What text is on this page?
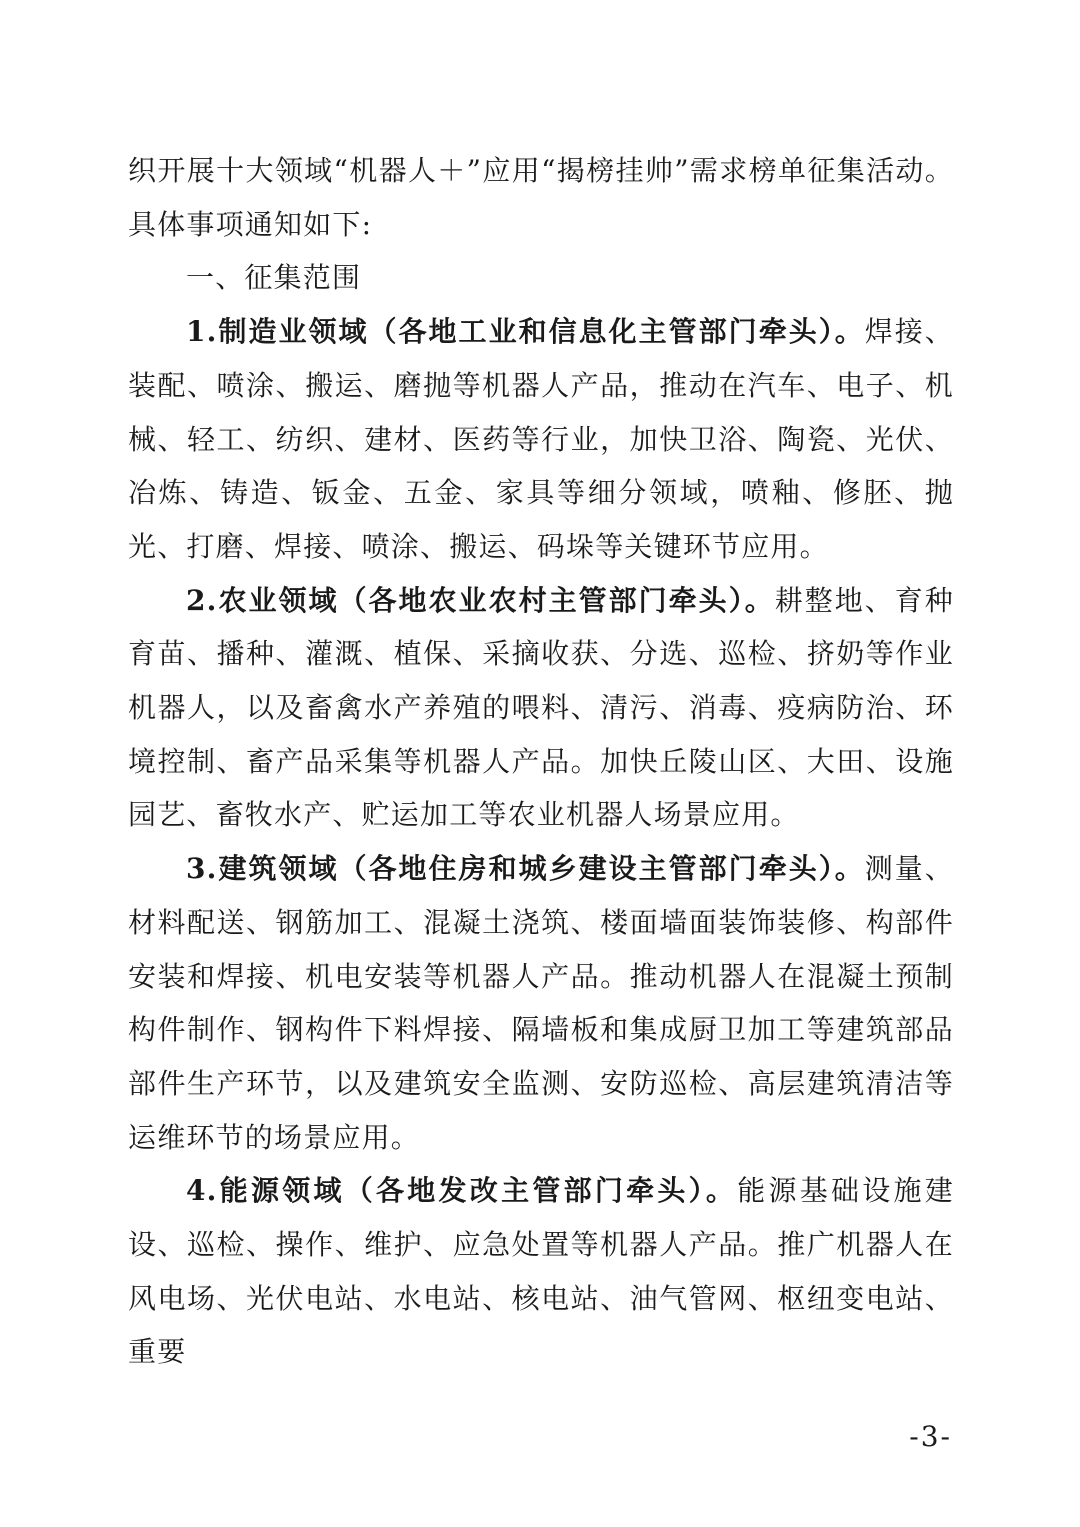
织开展十大领域“机器人＋”应用“揭榜挂帅”需求榜单征集活动。具体事项通知如下:

一、征集范围

1.制造业领域（各地工业和信息化主管部门牵头）。焊接、装配、喷涂、搬运、磨抛等机器人产品，推动在汽车、电子、机械、轻工、纺织、建材、医药等行业，加快卫浴、陶瓷、光伏、冶炼、铸造、钣金、五金、家具等细分领域，喷釉、修胚、抛光、打磨、焊接、喷涂、搬运、码垛等关键环节应用。

2.农业领域（各地农业农村主管部门牵头）。耕整地、育种育苗、播种、灌溉、植保、采摘收获、分选、巡检、挤奶等作业机器人，以及畜禽水产养殖的喂料、清污、消毒、疫病防治、环境控制、畜产品采集等机器人产品。加快丘陵山区、大田、设施园艺、畜牧水产、贮运加工等农业机器人场景应用。

3.建筑领域（各地住房和城乡建设主管部门牵头）。测量、材料配送、钢筋加工、混凝土浇筑、楼面墙面装饰装修、构部件安装和焊接、机电安装等机器人产品。推动机器人在混凝土预制构件制作、钢构件下料焊接、隔墙板和集成厨卫加工等建筑部品部件生产环节，以及建筑安全监测、安防巡检、高层建筑清洁等运维环节的场景应用。

4.能源领域（各地发改主管部门牵头）。能源基础设施建设、巡检、操作、维护、应急处置等机器人产品。推广机器人在风电场、光伏电站、水电站、核电站、油气管网、枢纽变电站、重要

-3-
